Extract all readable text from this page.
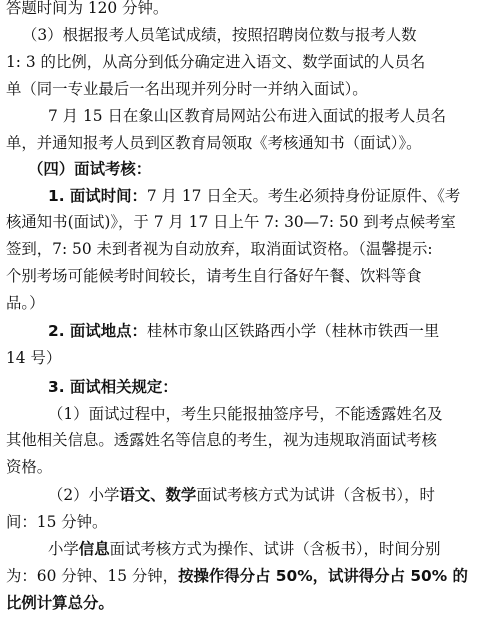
答题时间为 120 分钟。
（3）根据报考人员笔试成绩，按照招聘岗位数与报考人数
1: 3 的比例，从高分到低分确定进入语文、数学面试的人员名
单（同一专业最后一名出现并列分时一并纳入面试）。
7 月 15 日在象山区教育局网站公布进入面试的报考人员名
单，并通知报考人员到区教育局领取《考核通知书（面试）》。
（四）面试考核：
1. 面试时间：7 月 17 日全天。考生必须持身份证原件、《考
核通知书(面试)》，于 7 月 17 日上午 7: 30—7: 50 到考点候考室
签到，7: 50 未到者视为自动放弃，取消面试资格。（温馨提示:
个别考场可能候考时间较长，请考生自行备好午餐、饮料等食
品。）
2. 面试地点：桂林市象山区铁路西小学（桂林市铁西一里
14 号）
3. 面试相关规定：
（1）面试过程中，考生只能报抽签序号，不能透露姓名及
其他相关信息。透露姓名等信息的考生，视为违规取消面试考核
资格。
（2）小学语文、数学面试考核方式为试讲（含板书），时
间：15 分钟。
小学信息面试考核方式为操作、试讲（含板书），时间分别
为：60 分钟、15 分钟，按操作得分占 50%，试讲得分占 50% 的
比例计算总分。
